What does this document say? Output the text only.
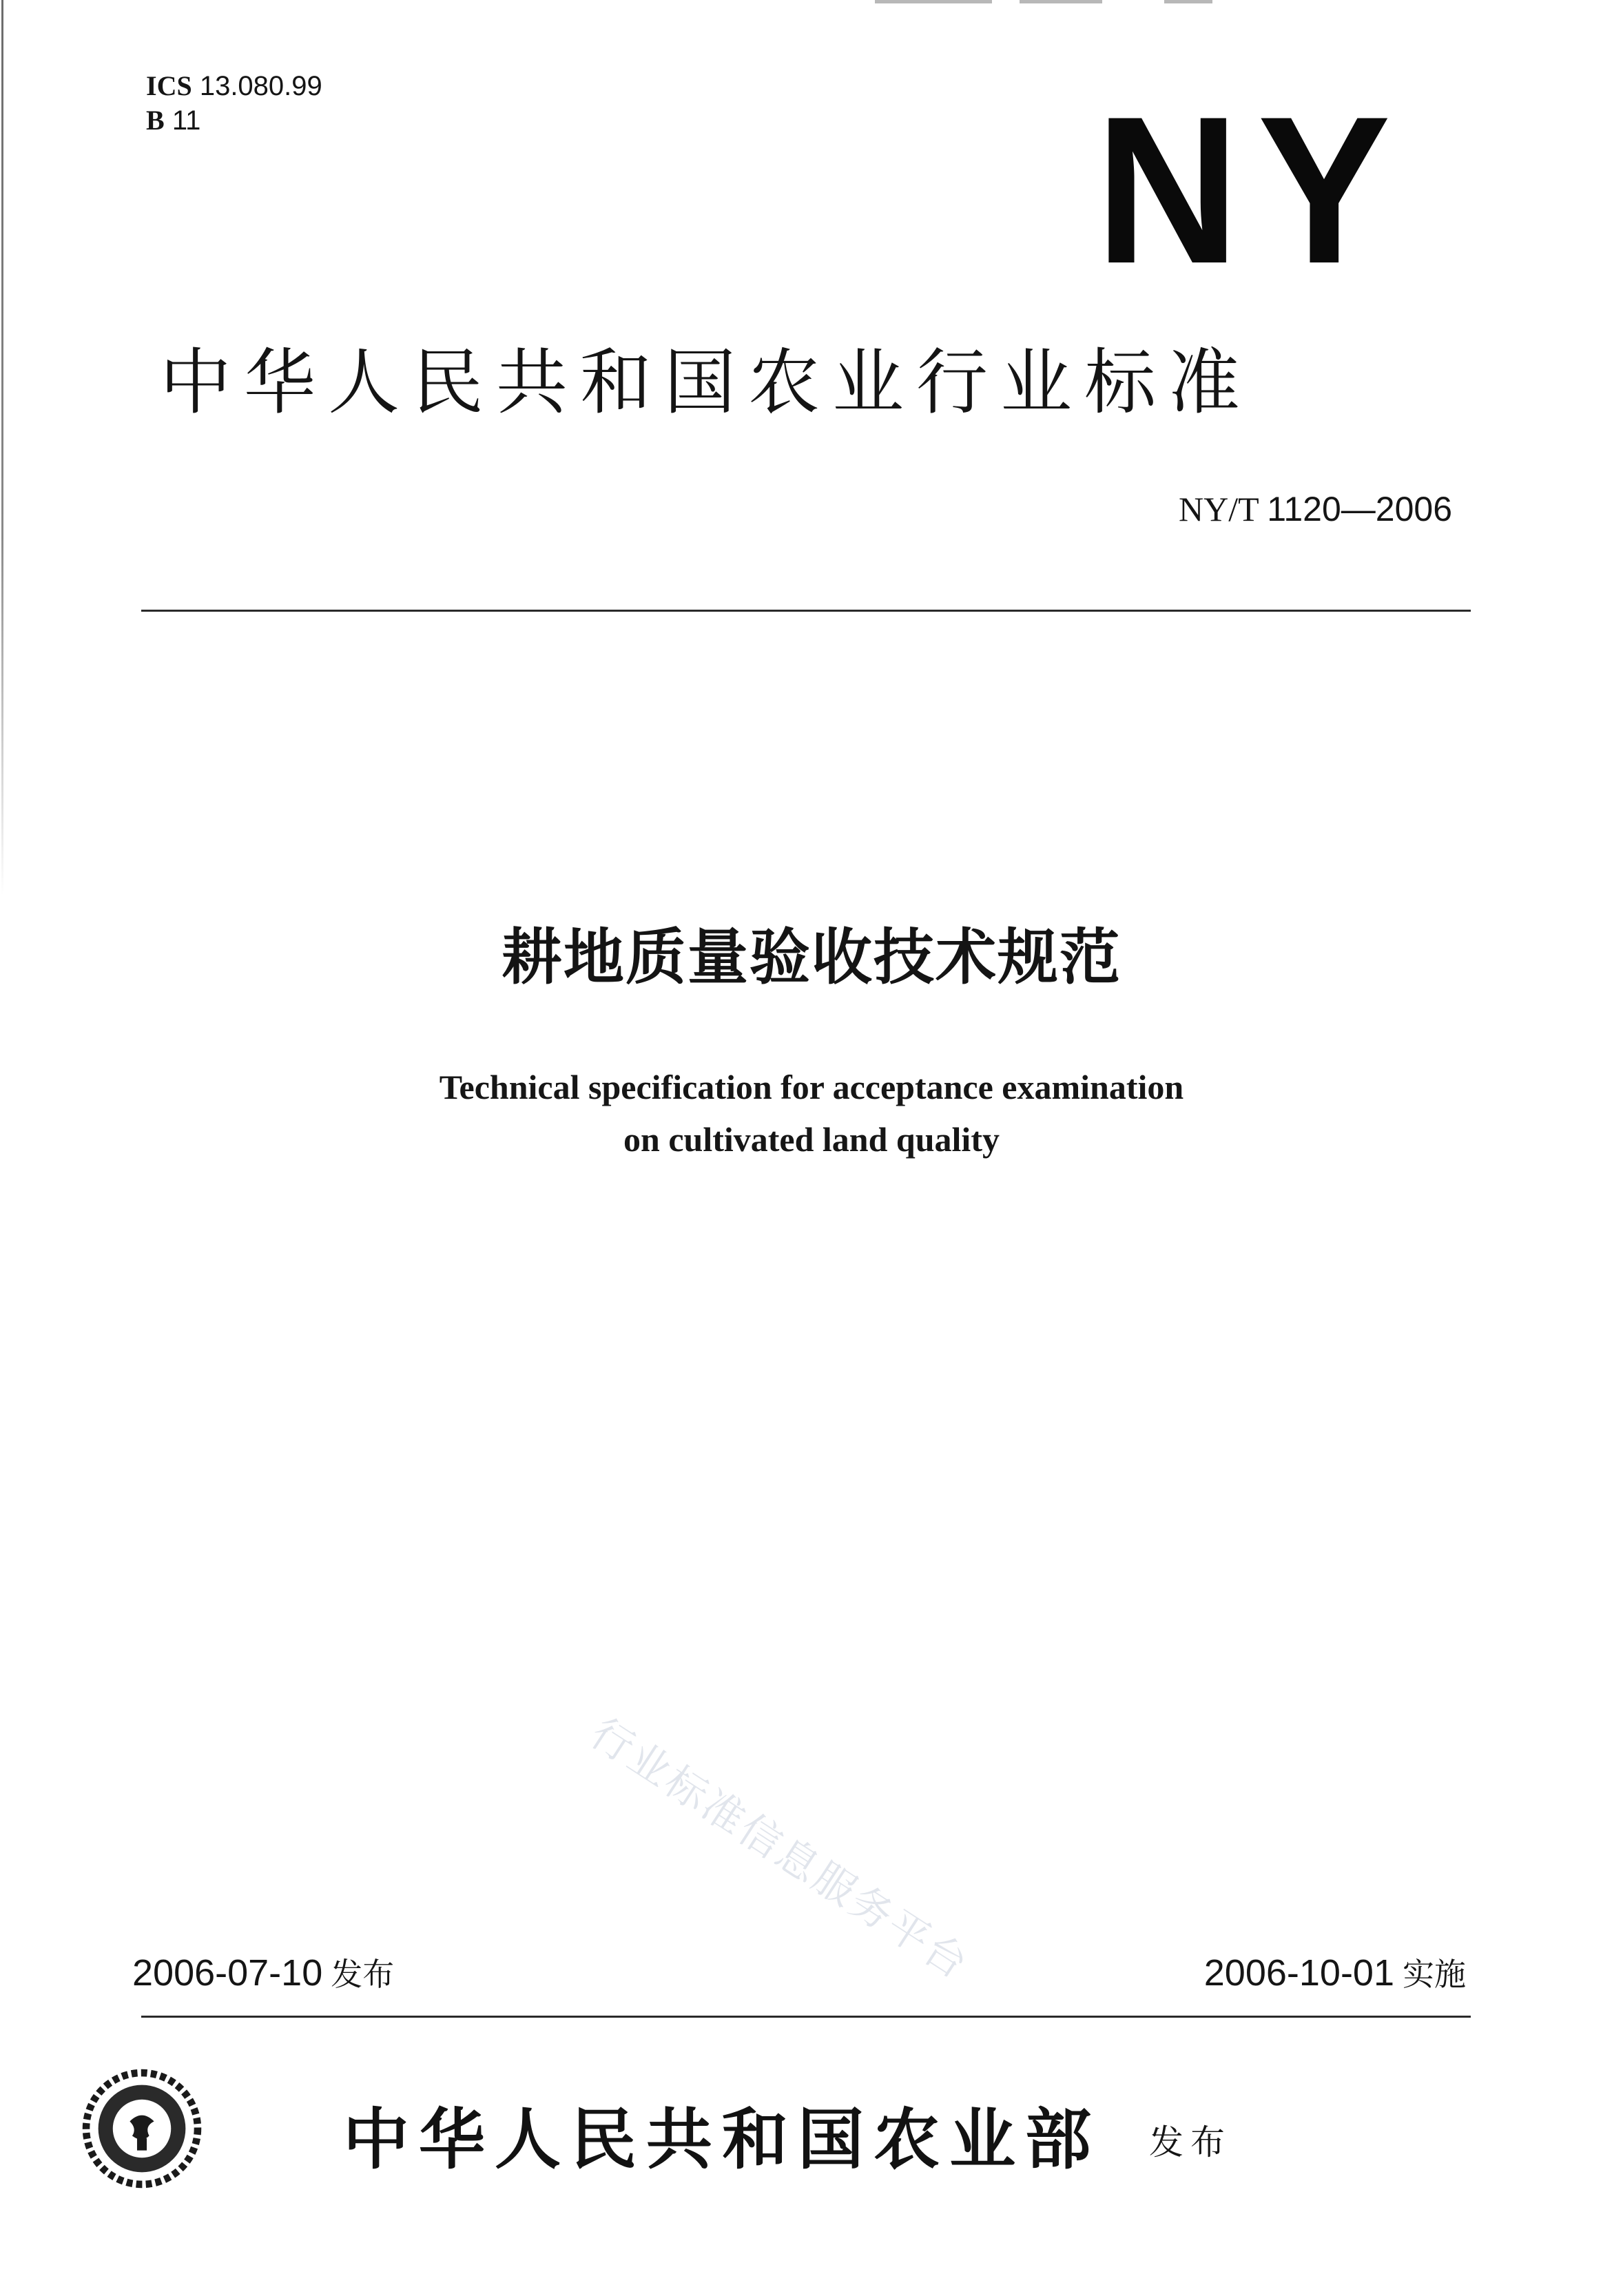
ICS 13.080.99
B 11	NY
中华人民共和国农业行业标准
NY/T 1120—2006
耕地质量验收技术规范
Technical specification for acceptance examination
on cultivated land quality
行业标准信息服务平台
2006-07-10 发布	2006-10-01 实施
中华人民共和国农业部 发布
